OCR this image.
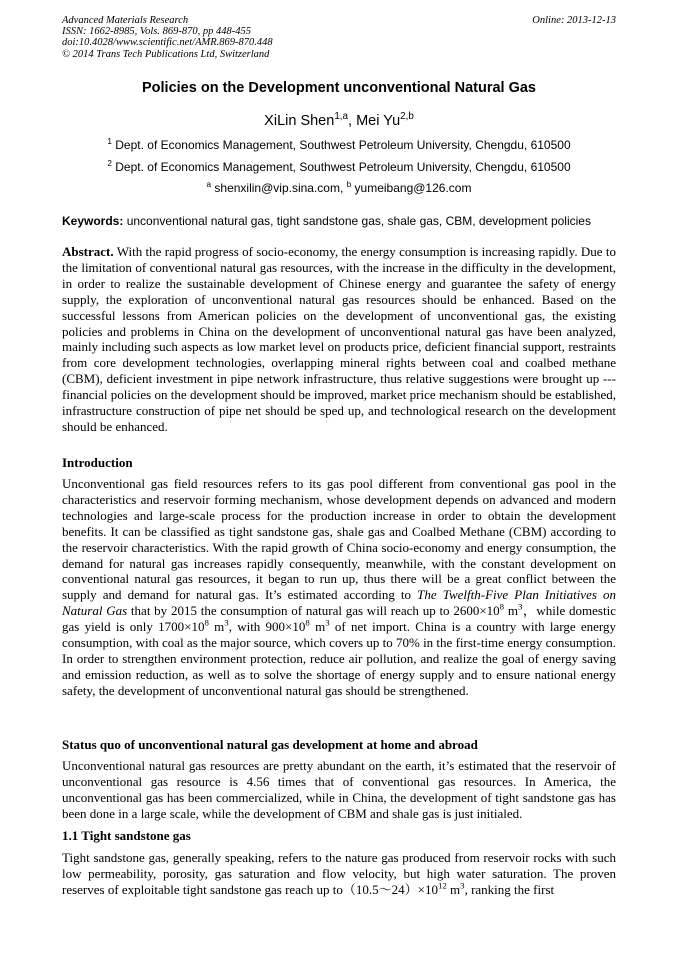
Advanced Materials Research
ISSN: 1662-8985, Vols. 869-870, pp 448-455
doi:10.4028/www.scientific.net/AMR.869-870.448
© 2014 Trans Tech Publications Ltd, Switzerland
Online: 2013-12-13
Policies on the Development unconventional Natural Gas
XiLin Shen$^{1,a}$, Mei Yu$^{2,b}$
$^1$ Dept. of Economics Management, Southwest Petroleum University, Chengdu, 610500
$^2$ Dept. of Economics Management, Southwest Petroleum University, Chengdu, 610500
$^a$ shenxilin@vip.sina.com, $^b$ yumeibang@126.com
Keywords: unconventional natural gas, tight sandstone gas, shale gas, CBM, development policies

Abstract. With the rapid progress of socio-economy, the energy consumption is increasing rapidly. Due to the limitation of conventional natural gas resources, with the increase in the difficulty in the development, in order to realize the sustainable development of Chinese energy and guarantee the safety of energy supply, the exploration of unconventional natural gas resources should be enhanced. Based on the successful lessons from American policies on the development of unconventional gas, the existing policies and problems in China on the development of unconventional natural gas have been analyzed, mainly including such aspects as low market level on products price, deficient financial support, restraints from core development technologies, overlapping mineral rights between coal and coalbed methane (CBM), deficient investment in pipe network infrastructure, thus relative suggestions were brought up --- financial policies on the development should be improved, market price mechanism should be established, infrastructure construction of pipe net should be sped up, and technological research on the development should be enhanced.

Introduction

Unconventional gas field resources refers to its gas pool different from conventional gas pool in the characteristics and reservoir forming mechanism, whose development depends on advanced and modern technologies and large-scale process for the production increase in order to obtain the development benefits. It can be classified as tight sandstone gas, shale gas and Coalbed Methane (CBM) according to the reservoir characteristics. With the rapid growth of China socio-economy and energy consumption, the demand for natural gas increases rapidly consequently, meanwhile, with the constant development on conventional natural gas resources, it began to run up, thus there will be a great conflict between the supply and demand for natural gas. It’s estimated according to The Twelfth-Five Plan Initiatives on Natural Gas that by 2015 the consumption of natural gas will reach up to $2600\times 10^8$ $m^3$，while domestic gas yield is only $1700\times 10^8$ $m^3$, with $900\times 10^8$ $m^3$ of net import. China is a country with large energy consumption, with coal as the major source, which covers up to 70% in the first-time energy consumption. In order to strengthen environment protection, reduce air pollution, and realize the goal of energy saving and emission reduction, as well as to solve the shortage of energy supply and to ensure national energy safety, the development of unconventional natural gas should be strengthened.

Status quo of unconventional natural gas development at home and abroad

Unconventional natural gas resources are pretty abundant on the earth, it’s estimated that the reservoir of unconventional gas resource is 4.56 times that of conventional gas resources. In America, the unconventional gas has been commercialized, while in China, the development of tight sandstone gas has been done in a large scale, while the development of CBM and shale gas is just initialed.

1.1 Tight sandstone gas

Tight sandstone gas, generally speaking, refers to the nature gas produced from reservoir rocks with such low permeability, porosity, gas saturation and flow velocity, but high water saturation. The proven reserves of exploitable tight sandstone gas reach up $to(10.5\sim 24)\times 10^{12}$ $m^3$, ranking the first
